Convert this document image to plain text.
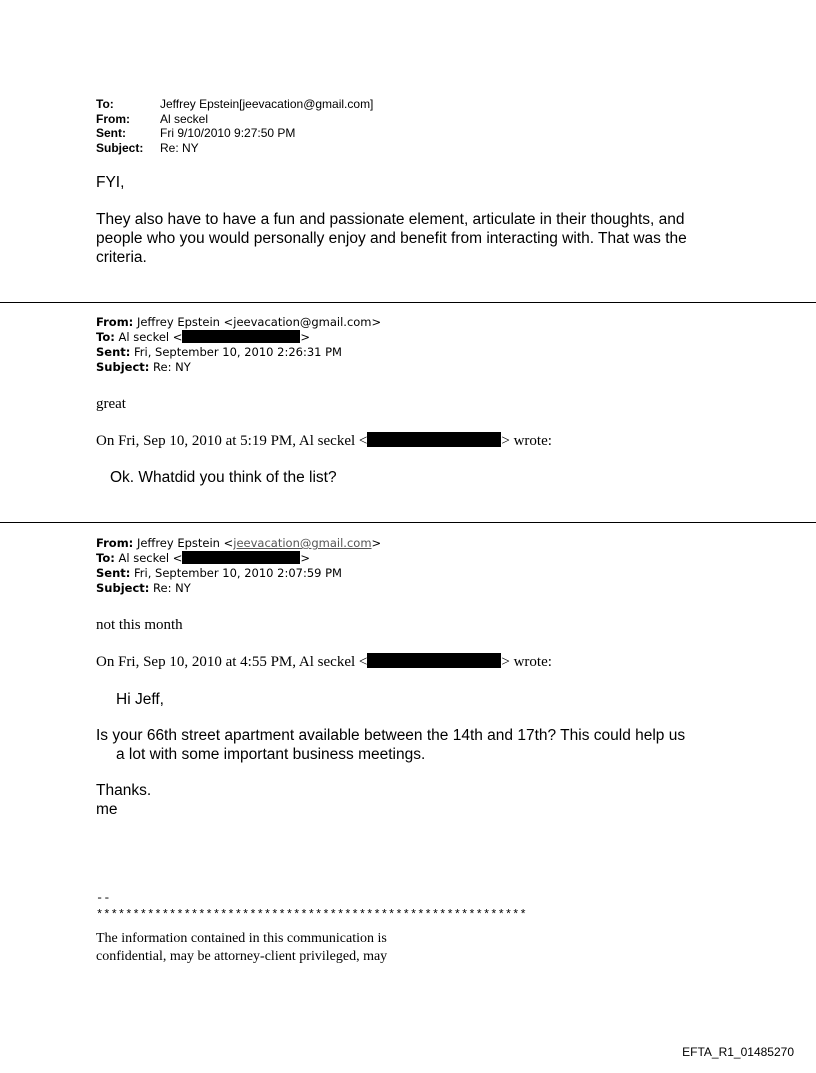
To:	Jeffrey Epstein[jeevacation@gmail.com]
From:	Al seckel
Sent:	Fri 9/10/2010 9:27:50 PM
Subject:	Re: NY
FYI,
They also have to have a fun and passionate element, articulate in their thoughts, and people who you would personally enjoy and benefit from interacting with. That was the criteria.
From: Jeffrey Epstein <jeevacation@gmail.com>
To: Al seckel <	>
Sent: Fri, September 10, 2010 2:26:31 PM
Subject: Re: NY
great
On Fri, Sep 10, 2010 at 5:19 PM, Al seckel <	> wrote:
Ok. Whatdid you think of the list?
From: Jeffrey Epstein <jeevacation@gmail.com>
To: Al seckel <	>
Sent: Fri, September 10, 2010 2:07:59 PM
Subject: Re: NY
not this month
On Fri, Sep 10, 2010 at 4:55 PM, Al seckel <	> wrote:
Hi Jeff,
Is your 66th street apartment available between the 14th and 17th? This could help us
a lot with some important business meetings.
Thanks.
me
--
***********************************************************
The information contained in this communication is
confidential, may be attorney-client privileged, may
EFTA_R1_01485270
